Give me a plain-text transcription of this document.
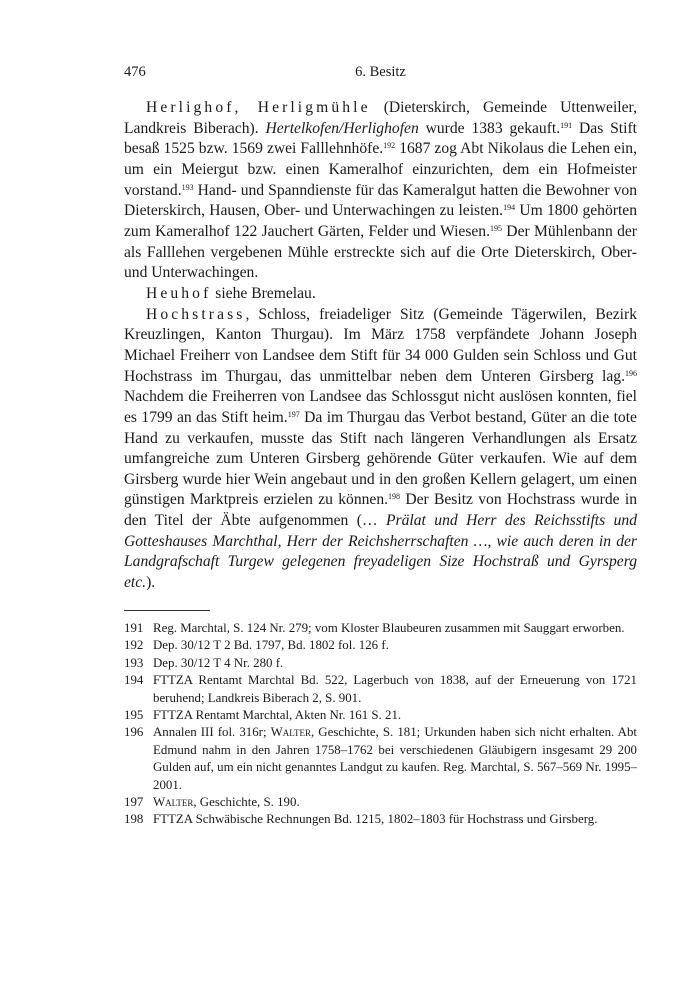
476	6. Besitz

Herlighof, Herligmühle (Dieterskirch, Gemeinde Uttenweiler, Landkreis Biberach). Hertelkofen/Herlighofen wurde 1383 gekauft.$^{191}$ Das Stift besaß 1525 bzw. 1569 zwei Falllehnhöfe.$^{192}$ 1687 zog Abt Nikolaus die Lehen ein, um ein Meiergut bzw. einen Kameralhof einzurichten, dem ein Hofmeister vorstand.$^{193}$ Hand- und Spanndienste für das Kameralgut hatten die Bewohner von Dieterskirch, Hausen, Ober- und Unterwachingen zu leisten.$^{194}$ Um 1800 gehörten zum Kameralhof 122 Jauchert Gärten, Felder und Wiesen.$^{195}$ Der Mühlenbann der als Falllehen vergebenen Mühle erstreckte sich auf die Orte Dieterskirch, Ober- und Unterwachingen.

Heuhof siehe Bremelau.

Hochstrass, Schloss, freiadeliger Sitz (Gemeinde Tägerwilen, Bezirk Kreuzlingen, Kanton Thurgau). Im März 1758 verpfändete Johann Joseph Michael Freiherr von Landsee dem Stift für 34 000 Gulden sein Schloss und Gut Hochstrass im Thurgau, das unmittelbar neben dem Unteren Girsberg lag.$^{196}$ Nachdem die Freiherren von Landsee das Schlossgut nicht auslösen konnten, fiel es 1799 an das Stift heim.$^{197}$ Da im Thurgau das Verbot bestand, Güter an die tote Hand zu verkaufen, musste das Stift nach längeren Verhandlungen als Ersatz umfangreiche zum Unteren Girsberg gehörende Güter verkaufen. Wie auf dem Girsberg wurde hier Wein angebaut und in den großen Kellern gelagert, um einen günstigen Marktpreis erzielen zu können.$^{198}$ Der Besitz von Hochstrass wurde in den Titel der Äbte aufgenommen (… Prälat und Herr des Reichsstifts und Gotteshauses Marchthal, Herr der Reichsherrschaften …, wie auch deren in der Landgrafschaft Turgew gelegenen freyadeligen Size Hochstraß und Gyrsperg etc.).

191 Reg. Marchtal, S. 124 Nr. 279; vom Kloster Blaubeuren zusammen mit Sauggart erworben.
192 Dep. 30/12 T 2 Bd. 1797, Bd. 1802 fol. 126 f.
193 Dep. 30/12 T 4 Nr. 280 f.
194 FTTZA Rentamt Marchtal Bd. 522, Lagerbuch von 1838, auf der Erneuerung von 1721 beruhend; Landkreis Biberach 2, S. 901.
195 FTTZA Rentamt Marchtal, Akten Nr. 161 S. 21.
196 Annalen III fol. 316r; Walter, Geschichte, S. 181; Urkunden haben sich nicht erhalten. Abt Edmund nahm in den Jahren 1758–1762 bei verschiedenen Gläubigern insgesamt 29 200 Gulden auf, um ein nicht genanntes Landgut zu kaufen. Reg. Marchtal, S. 567–569 Nr. 1995–2001.
197 Walter, Geschichte, S. 190.
198 FTTZA Schwäbische Rechnungen Bd. 1215, 1802–1803 für Hochstrass und Girsberg.
